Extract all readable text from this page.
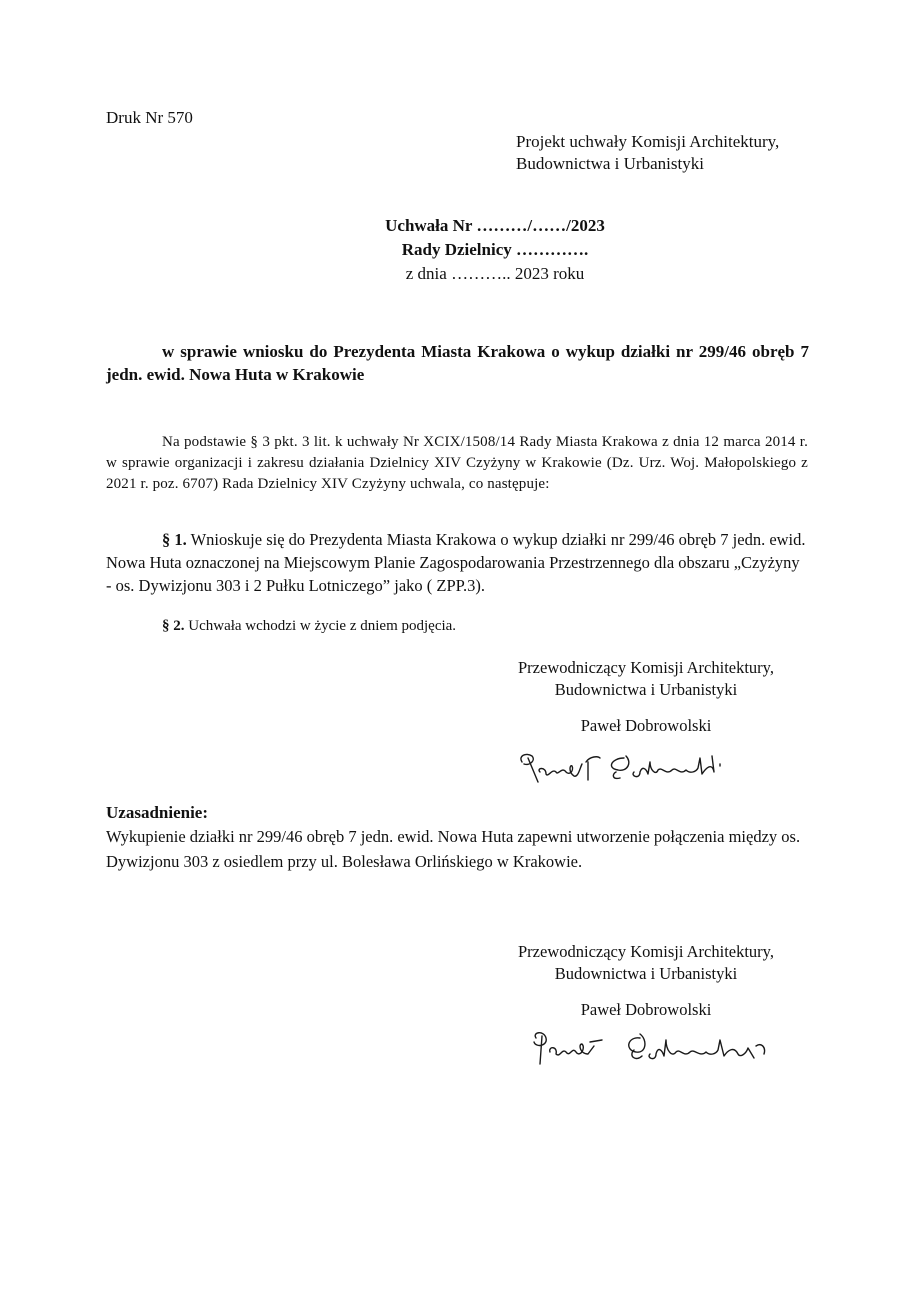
Druk Nr 570
Projekt uchwały Komisji Architektury,
Budownictwa i Urbanistyki
Uchwała Nr ………/……/2023
Rady Dzielnicy ………….
z dnia ……….. 2023 roku
w sprawie wniosku do Prezydenta Miasta Krakowa o wykup działki nr 299/46 obręb 7 jedn. ewid. Nowa Huta w Krakowie
Na podstawie § 3 pkt. 3 lit. k uchwały Nr XCIX/1508/14 Rady Miasta Krakowa z dnia 12 marca 2014 r. w sprawie organizacji i zakresu działania Dzielnicy XIV Czyżyny w Krakowie (Dz. Urz. Woj. Małopolskiego z 2021 r. poz. 6707) Rada Dzielnicy XIV Czyżyny uchwala, co następuje:
§ 1. Wnioskuje się do Prezydenta Miasta Krakowa o wykup działki nr 299/46 obręb 7 jedn. ewid. Nowa Huta oznaczonej na Miejscowym Planie Zagospodarowania Przestrzennego dla obszaru „Czyżyny - os. Dywizjonu 303 i 2 Pułku Lotniczego” jako ( ZPP.3).
§ 2. Uchwała wchodzi w życie z dniem podjęcia.
Przewodniczący Komisji Architektury,
Budownictwa i Urbanistyki
Paweł Dobrowolski
Uzasadnienie:
Wykupienie działki nr 299/46 obręb 7 jedn. ewid. Nowa Huta zapewni utworzenie połączenia między os. Dywizjonu 303 z osiedlem przy ul. Bolesława Orlińskiego w Krakowie.
Przewodniczący Komisji Architektury,
Budownictwa i Urbanistyki
Paweł Dobrowolski
